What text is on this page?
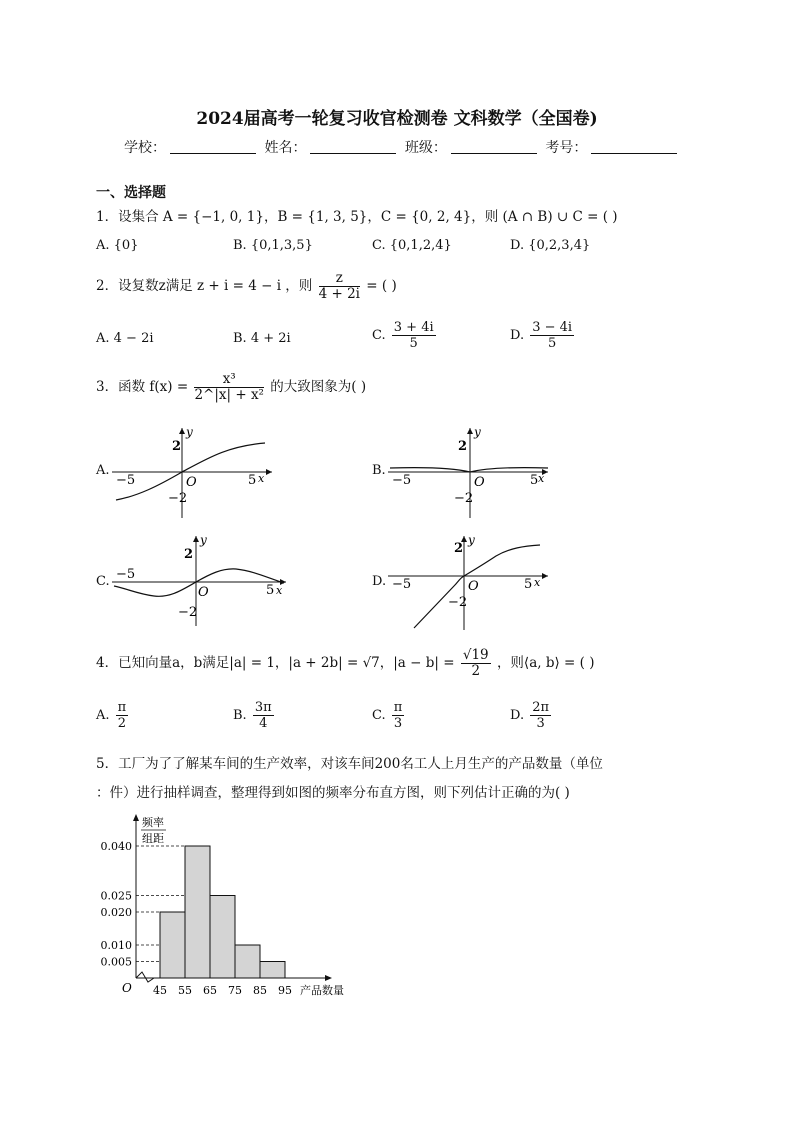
2024届高考一轮复习收官检测卷 文科数学（全国卷)
学校：	姓名：	班级：	考号：
一、选择题
1．设集合 A = {−1, 0, 1}，B = {1, 3, 5}，C = {0, 2, 4}，则 (A ∩ B) ∪ C = ( )
A. {0}	B. {0,1,3,5}	C. {0,1,2,4}	D. {0,2,3,4}
2．设复数z满足 z + i = 4 − i ，则 $\frac{z}{4 + 2i}$ = ( )
A. 4 − 2i	B. 4 + 2i	C. $\frac{3 + 4i}{5}$	D. $\frac{3 - 4i}{5}$
3．函数 $f(x) = \frac{\text{x³}}{\text{2\textasciicircum{}|x| + x²}}$ 的大致图象为( )
A.	B.
C.	D.
y
2
−2
O
−5	5 x
y
2
−2
O
−5	5 x
y
2
−2
O
−5
5 x
y
2
−2
O
−5	5 x
4．已知向量a，b满足|a| = 1，|a + 2b| = √7，$|a - b| = \frac{√19}{2}$ ，则⟨a, b⟩ = ( )
A. $\frac{\pi}{2}$	B. $\frac{3\pi}{4}$	C. $\frac{\pi}{3}$	D. $\frac{2\pi}{3}$
5．工厂为了了解某车间的生产效率，对该车间200名工人上月生产的产品数量（单位
：件）进行抽样调查，整理得到如图的频率分布直方图，则下列估计正确的为( )
0.040
0.025
0.020
0.010
0.005
45 55 65 75 85 95
频率
组距
产品数量
O
